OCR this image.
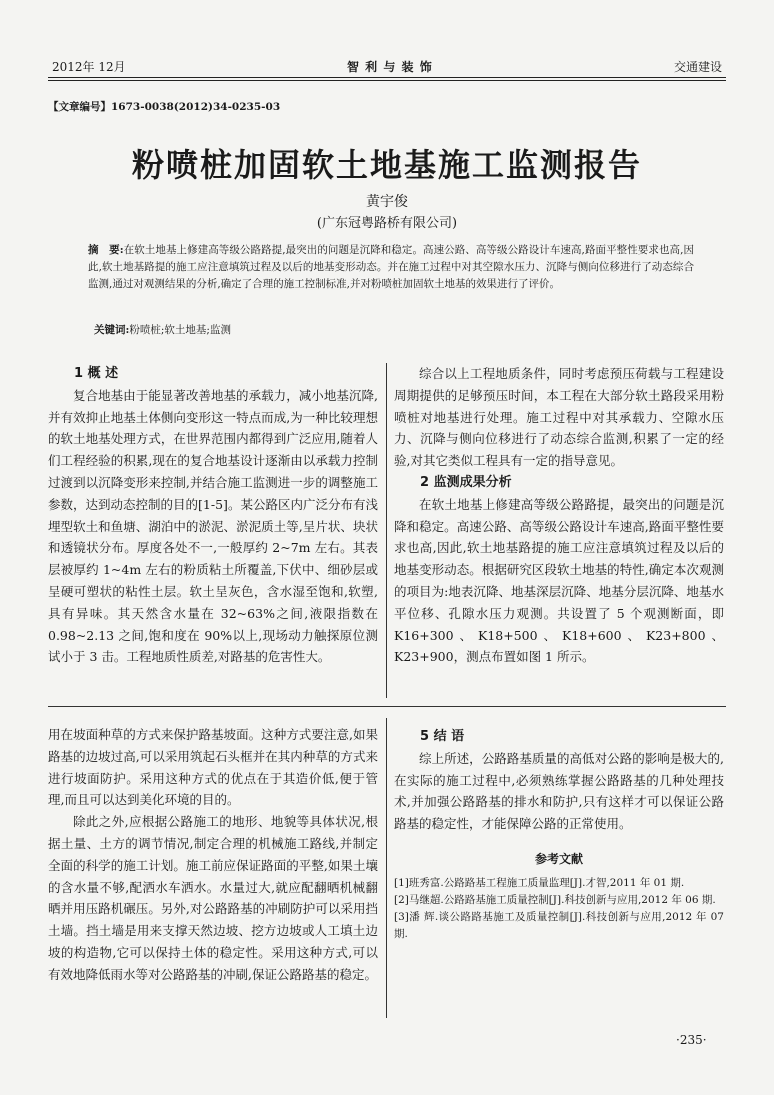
2012年 12月	智 利 与 装 饰	交通建设
【文章编号】1673-0038(2012)34-0235-03
粉喷桩加固软土地基施工监测报告
黄宇俊
(广东冠粤路桥有限公司)
摘　要:在软土地基上修建高等级公路路提,最突出的问题是沉降和稳定。高速公路、高等级公路设计车速高,路面平整性要求也高,因此,软土地基路提的施工应注意填筑过程及以后的地基变形动态。并在施工过程中对其空隙水压力、沉降与侧向位移进行了动态综合监测,通过对观测结果的分析,确定了合理的施工控制标准,并对粉喷桩加固软土地基的效果进行了评价。
关键词:粉喷桩;软土地基;监测

1 概 述

复合地基由于能显著改善地基的承载力，减小地基沉降,并有效抑止地基土体侧向变形这一特点而成,为一种比较理想的软土地基处理方式，在世界范围内都得到广泛应用,随着人们工程经验的积累,现在的复合地基设计逐渐由以承载力控制过渡到以沉降变形来控制,并结合施工监测进一步的调整施工参数，达到动态控制的目的[1-5]。某公路区内广泛分布有浅埋型软土和鱼塘、湖泊中的淤泥、淤泥质土等,呈片状、块状和透镜状分布。厚度各处不一,一般厚约 2~7m 左右。其表层被厚约 1~4m 左右的粉质粘土所覆盖,下伏中、细砂层或呈硬可塑状的粘性土层。软土呈灰色，含水湿至饱和,软塑,具有异味。其天然含水量在 32~63%之间,液限指数在 0.98~2.13 之间,饱和度在 90%以上,现场动力触探原位测试小于 3 击。工程地质性质差,对路基的危害性大。

综合以上工程地质条件，同时考虑预压荷载与工程建设周期提供的足够预压时间，本工程在大部分软土路段采用粉喷桩对地基进行处理。施工过程中对其承载力、空隙水压力、沉降与侧向位移进行了动态综合监测,积累了一定的经验,对其它类似工程具有一定的指导意见。

2 监测成果分析

在软土地基上修建高等级公路路提，最突出的问题是沉降和稳定。高速公路、高等级公路设计车速高,路面平整性要求也高,因此,软土地基路提的施工应注意填筑过程及以后的地基变形动态。根据研究区段软土地基的特性,确定本次观测的项目为:地表沉降、地基深层沉降、地基分层沉降、地基水平位移、孔隙水压力观测。共设置了 5 个观测断面，即 K16+300、K18+500、K18+600、K23+800、K23+900，测点布置如图 1 所示。

用在坡面种草的方式来保护路基坡面。这种方式要注意,如果路基的边坡过高,可以采用筑起石头框并在其内种草的方式来进行坡面防护。采用这种方式的优点在于其造价低,便于管理,而且可以达到美化环境的目的。

除此之外,应根据公路施工的地形、地貌等具体状况,根据土量、土方的调节情况,制定合理的机械施工路线,并制定全面的科学的施工计划。施工前应保证路面的平整,如果土壤的含水量不够,配洒水车洒水。水量过大,就应配翻晒机械翻晒并用压路机碾压。另外,对公路路基的冲刷防护可以采用挡土墙。挡土墙是用来支撑天然边坡、挖方边坡或人工填土边坡的构造物,它可以保持土体的稳定性。采用这种方式,可以有效地降低雨水等对公路路基的冲刷,保证公路路基的稳定。

5 结 语

综上所述，公路路基质量的高低对公路的影响是极大的,在实际的施工过程中,必须熟练掌握公路路基的几种处理技术,并加强公路路基的排水和防护,只有这样才可以保证公路路基的稳定性，才能保障公路的正常使用。

参考文献

[1]班秀富.公路路基工程施工质量监理[J].才智,2011 年 01 期.

[2]马继超.公路路基施工质量控制[J].科技创新与应用,2012 年 06 期.

[3]潘 辉.谈公路路基施工及质量控制[J].科技创新与应用,2012 年 07 期.

·235·
